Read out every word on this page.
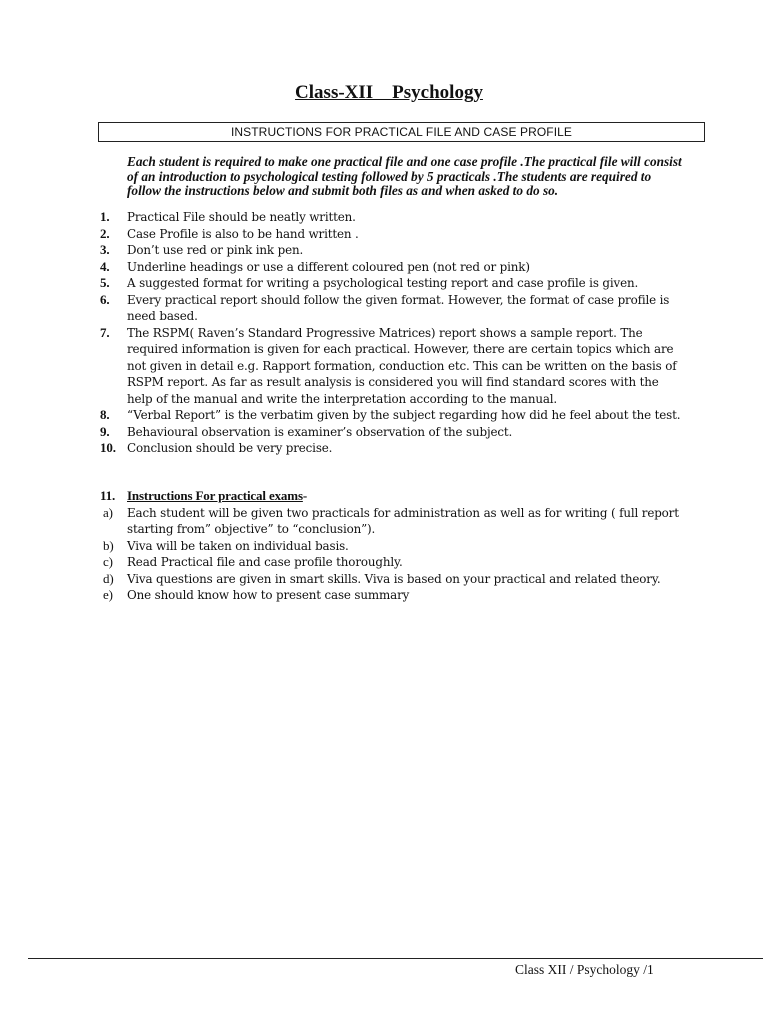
Class-XII    Psychology
INSTRUCTIONS FOR PRACTICAL FILE AND CASE PROFILE
Each student is required to make one practical file and one case profile .The practical file will consist of an introduction to psychological testing followed by 5 practicals .The students are required to follow the instructions below and submit both files as and when asked to do so.
1. Practical File should be neatly written.
2. Case Profile is also to be hand written .
3. Don’t use red or pink ink pen.
4. Underline headings or use a different coloured pen (not red or pink)
5. A suggested format for writing a psychological testing report and case profile is given.
6. Every practical report should follow the given format. However, the format of case profile is need based.
7. The RSPM( Raven’s Standard Progressive Matrices) report shows a sample report. The required information is given for each practical. However, there are certain topics which are not given in detail e.g. Rapport formation, conduction etc. This can be written on the basis of RSPM report. As far as result analysis is considered you will find standard scores with the help of the manual and write the interpretation according to the manual.
8. “Verbal Report” is the verbatim given by the subject regarding how did he feel about the test.
9. Behavioural observation is examiner’s observation of the subject.
10. Conclusion should be very precise.
11. Instructions For practical exams-
a) Each student will be given two practicals for administration as well as for writing ( full report starting from” objective” to “conclusion”).
b) Viva will be taken on individual basis.
c) Read Practical file and case profile thoroughly.
d) Viva questions are given in smart skills. Viva is based on your practical and related theory.
e) One should know how to present case summary
Class XII / Psychology /1
